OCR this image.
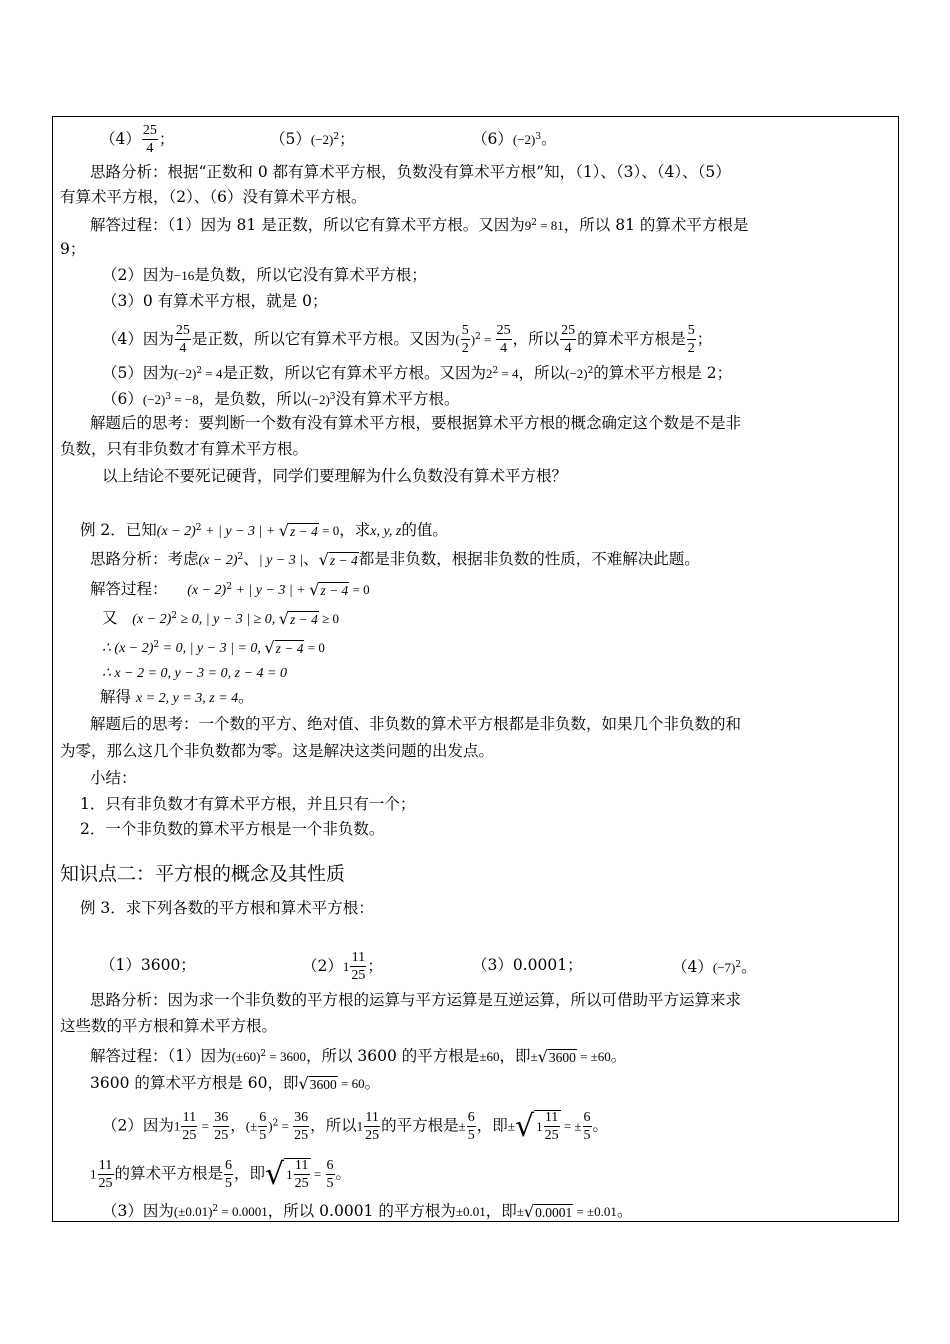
$(4) \frac{25}{4}$ ；	$(5)(-2)^2$；	$(6)(-2)^3$。
思路分析：根据“正数和 0 都有算术平方根，负数没有算术平方根”知，（1）、（3）、（4）、（5）
有算术平方根，（2）、（6）没有算术平方根。
解答过程：（1）因为 81 是正数，所以它有算术平方根。又因为$9^2 = 81$，所以 81 的算术平方根是
9；
（2）因为−16是负数，所以它没有算术平方根；
（3）0 有算术平方根，就是 0；
（4）因为 $\frac{25}{4}$ 是正数，所以它有算术平方根。又因为( $\frac{5}{2} )^2 = \frac{25}{4}$ ，所以 $\frac{25}{4}$ 的算术平方根是 $\frac{5}{2}$ ；
（5）因为$(-2)^2 = 4$是正数，所以它有算术平方根。又因为$2^2 = 4$，所以$(-2)^2$的算术平方根是 2；
$(6)(-2)^3 = -8$，是负数，所以$(-2)^3$没有算术平方根。
解题后的思考：要判断一个数有没有算术平方根，要根据算术平方根的概念确定这个数是不是非
负数，只有非负数才有算术平方根。
以上结论不要死记硬背，同学们要理解为什么负数没有算术平方根？
例 2．已知$(x - 2)^2$ + | y − 3 | + √z − 4 = 0，求x, y, z的值。
思路分析：考虑$(x - 2)^2$、| y − 3 |、√z − 4都是非负数，根据非负数的性质，不难解决此题。
解答过程： $(x - 2)^2$ + | y − 3 | + √z − 4 = 0
又 $(x - 2)^2 \ge 0$, | y − 3 | ≥ 0, √z − 4 ≥ 0
∴ $(x - 2)^2 = 0$, | y − 3 | = 0, √z − 4 = 0
∴ x − 2 = 0, y − 3 = 0, z − 4 = 0
解得 x = 2, y = 3, z = 4。
解题后的思考：一个数的平方、绝对值、非负数的算术平方根都是非负数，如果几个非负数的和
为零，那么这几个非负数都为零。这是解决这类问题的出发点。
小结：
1．只有非负数才有算术平方根，并且只有一个；
2．一个非负数的算术平方根是一个非负数。
知识点二：平方根的概念及其性质
例 3．求下列各数的平方根和算术平方根：
（1）3600；	$(2)1 \frac{11}{25}$ ；	（3）0.0001；	$(4)(-7)^2$。
思路分析：因为求一个非负数的平方根的运算与平方运算是互逆运算，所以可借助平方运算来求
这些数的平方根和算术平方根。
解答过程：（1）因为$(\pm 60)^2 = 3600$，所以 3600 的平方根是±60，即±√3600 = ±60。
3600 的算术平方根是 60，即√3600 = 60。
（2）因为$1 \frac{11}{25} = \frac{36}{25}$ ，(± $\frac{6}{5} )^2 = \frac{36}{25}$ ，所以$1 \frac{11}{25}$ 的平方根是± $\frac{6}{5}$ ，即± √ $1 \frac{11}{25}$ = ± $\frac{6}{5}$ 。
$1 \frac{11}{25}$ 的算术平方根是 $\frac{6}{5}$ ，即 √ $1 \frac{11}{25} = \frac{6}{5}$ 。
（3）因为$(\pm 0.01)^2 = 0.0001$，所以 0.0001 的平方根为±0.01，即±√0.0001 = ±0.01。
